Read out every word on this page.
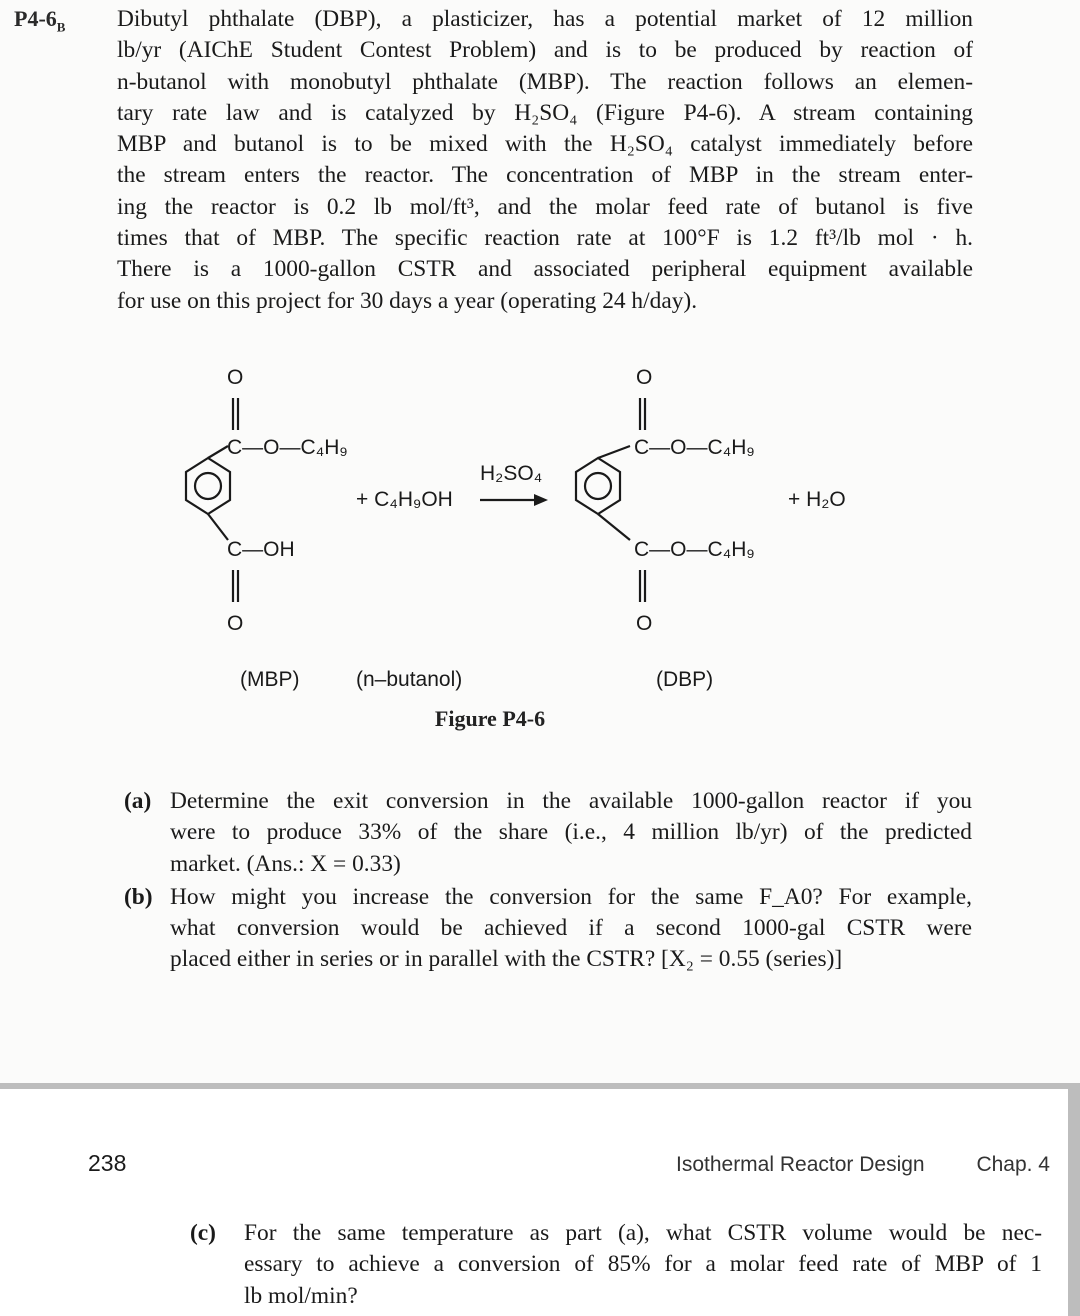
$P4-6_B$ Dibutyl phthalate (DBP), a plasticizer, has a potential market of 12 million
lb/yr (AIChE Student Contest Problem) and is to be produced by reaction of
n-butanol with monobutyl phthalate (MBP). The reaction follows an elemen-
tary rate law and is catalyzed by H₂SO₄ (Figure P4-6). A stream containing
MBP and butanol is to be mixed with the H₂SO₄ catalyst immediately before
the stream enters the reactor. The concentration of MBP in the stream enter-
ing the reactor is 0.2 lb mol/ft³, and the molar feed rate of butanol is five
times that of MBP. The specific reaction rate at 100°F is 1.2 ft³/lb mol · h.
There is a 1000-gallon CSTR and associated peripheral equipment available
for use on this project for 30 days a year (operating 24 h/day).
O
C—O—C₄H₉
C—OH
O
+ C₄H₉OH
H₂SO₄
O
C—O—C₄H₉
C—O—C₄H₉
O
+ H₂O
(MBP)	(n–butanol)	(DBP)
Figure P4-6
(a) Determine the exit conversion in the available 1000-gallon reactor if you
were to produce 33% of the share (i.e., 4 million lb/yr) of the predicted
market. (Ans.: X = 0.33)
(b) How might you increase the conversion for the same F_A0? For example,
what conversion would be achieved if a second 1000-gal CSTR were
placed either in series or in parallel with the CSTR? [X₂ = 0.55 (series)]
238	Isothermal Reactor Design Chap. 4
(c) For the same temperature as part (a), what CSTR volume would be nec-
essary to achieve a conversion of 85% for a molar feed rate of MBP of 1
lb mol/min?
